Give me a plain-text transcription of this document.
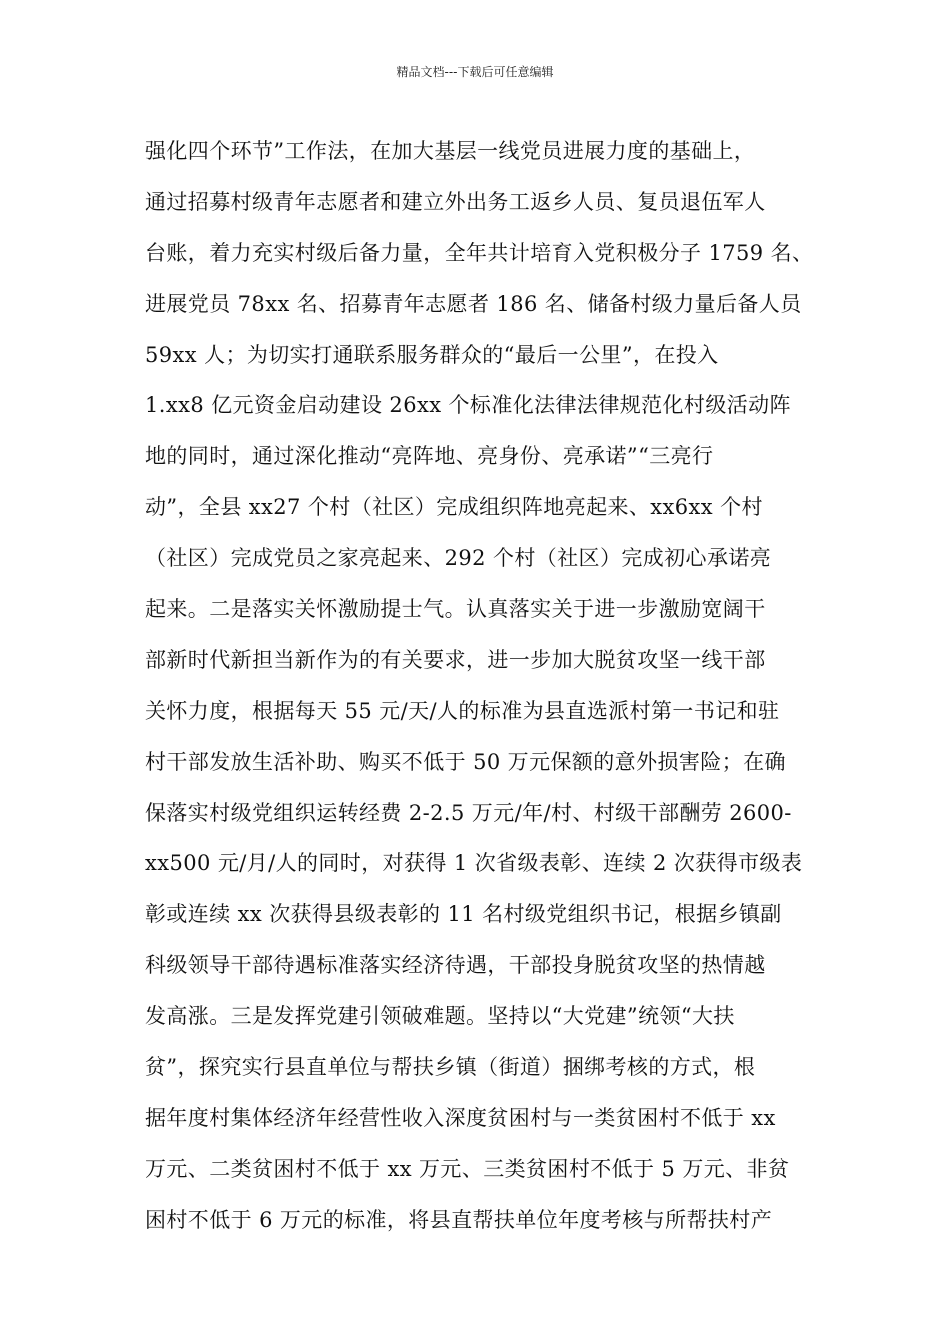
精品文档---下载后可任意编辑
强化四个环节”工作法，在加大基层一线党员进展力度的基础上，
通过招募村级青年志愿者和建立外出务工返乡人员、复员退伍军人
台账，着力充实村级后备力量，全年共计培育入党积极分子 1759 名、
进展党员 78xx 名、招募青年志愿者 186 名、储备村级力量后备人员
59xx 人；为切实打通联系服务群众的“最后一公里”，在投入
1.xx8 亿元资金启动建设 26xx 个标准化法律法律规范化村级活动阵
地的同时，通过深化推动“亮阵地、亮身份、亮承诺”“三亮行
动”，全县 xx27 个村（社区）完成组织阵地亮起来、xx6xx 个村
（社区）完成党员之家亮起来、292 个村（社区）完成初心承诺亮
起来。二是落实关怀激励提士气。认真落实关于进一步激励宽阔干
部新时代新担当新作为的有关要求，进一步加大脱贫攻坚一线干部
关怀力度，根据每天 55 元/天/人的标准为县直选派村第一书记和驻
村干部发放生活补助、购买不低于 50 万元保额的意外损害险；在确
保落实村级党组织运转经费 2-2.5 万元/年/村、村级干部酬劳 2600-
xx500 元/月/人的同时，对获得 1 次省级表彰、连续 2 次获得市级表
彰或连续 xx 次获得县级表彰的 11 名村级党组织书记，根据乡镇副
科级领导干部待遇标准落实经济待遇，干部投身脱贫攻坚的热情越
发高涨。三是发挥党建引领破难题。坚持以“大党建”统领“大扶
贫”，探究实行县直单位与帮扶乡镇（街道）捆绑考核的方式，根
据年度村集体经济年经营性收入深度贫困村与一类贫困村不低于 xx
万元、二类贫困村不低于 xx 万元、三类贫困村不低于 5 万元、非贫
困村不低于 6 万元的标准，将县直帮扶单位年度考核与所帮扶村产
